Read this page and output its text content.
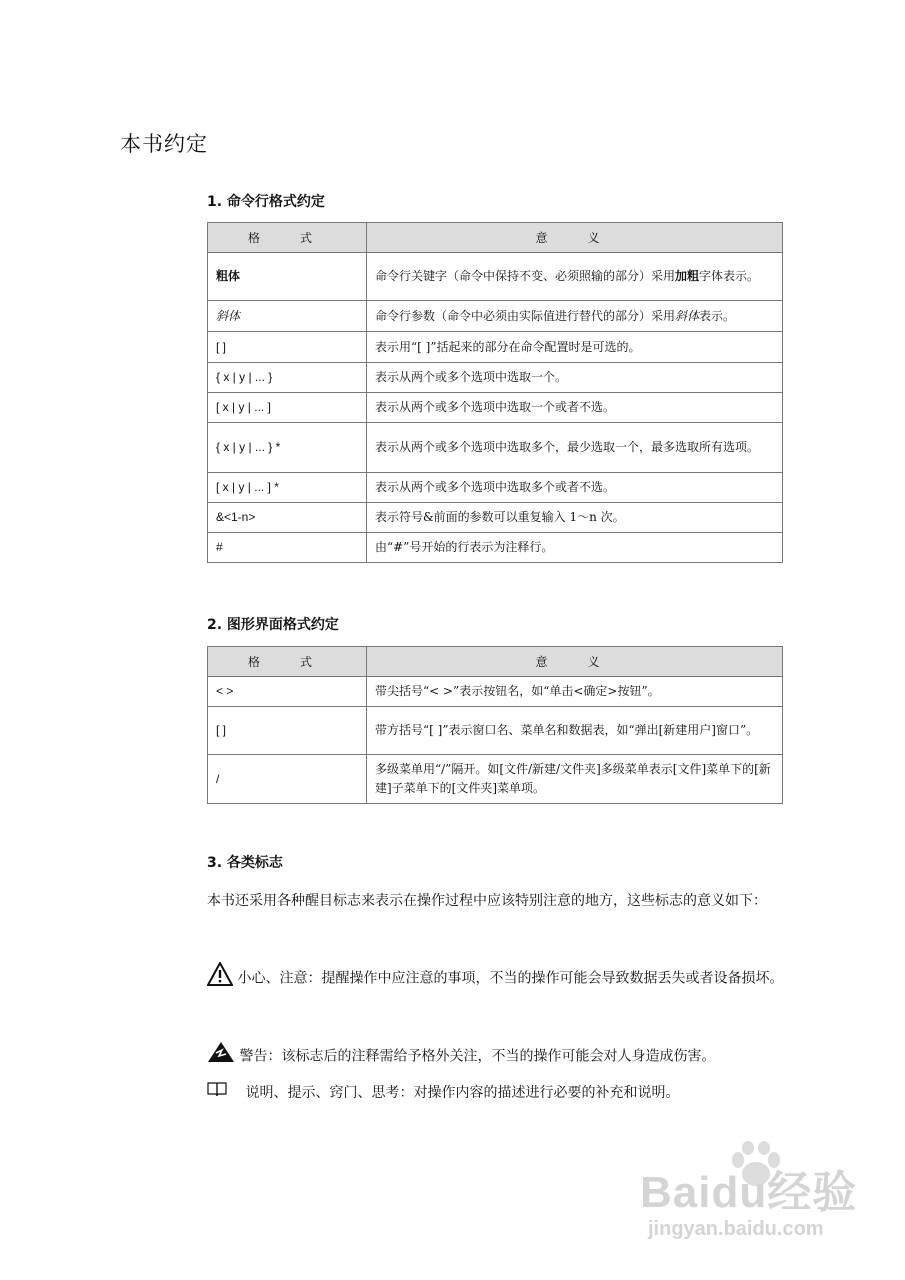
本书约定
1. 命令行格式约定
格　式	意　义
粗体	命令行关键字（命令中保持不变、必须照输的部分）采用加粗字体表示。
斜体	命令行参数（命令中必须由实际值进行替代的部分）采用斜体表示。
[ ]	表示用“[ ]”括起来的部分在命令配置时是可选的。
{ x | y | ... }	表示从两个或多个选项中选取一个。
[ x | y | ... ]	表示从两个或多个选项中选取一个或者不选。
{ x | y | ... } *	表示从两个或多个选项中选取多个，最少选取一个，最多选取所有选项。
[ x | y | ... ] *	表示从两个或多个选项中选取多个或者不选。
&<1-n>	表示符号&前面的参数可以重复输入 1～n 次。
#	由“#”号开始的行表示为注释行。
2. 图形界面格式约定
格　式	意　义
< >	带尖括号“< >”表示按钮名，如“单击<确定>按钮”。
[ ]	带方括号“[ ]”表示窗口名、菜单名和数据表，如“弹出[新建用户]窗口”。
/	多级菜单用“/”隔开。如[文件/新建/文件夹]多级菜单表示[文件]菜单下的[新建]子菜单下的[文件夹]菜单项。
3. 各类标志

本书还采用各种醒目标志来表示在操作过程中应该特别注意的地方，这些标志的意义如下：

小心、注意：提醒操作中应注意的事项，不当的操作可能会导致数据丢失或者设备损坏。
警告：该标志后的注释需给予格外关注，不当的操作可能会对人身造成伤害。
说明、提示、窍门、思考：对操作内容的描述进行必要的补充和说明。
Baidu经验
jingyan.baidu.com
